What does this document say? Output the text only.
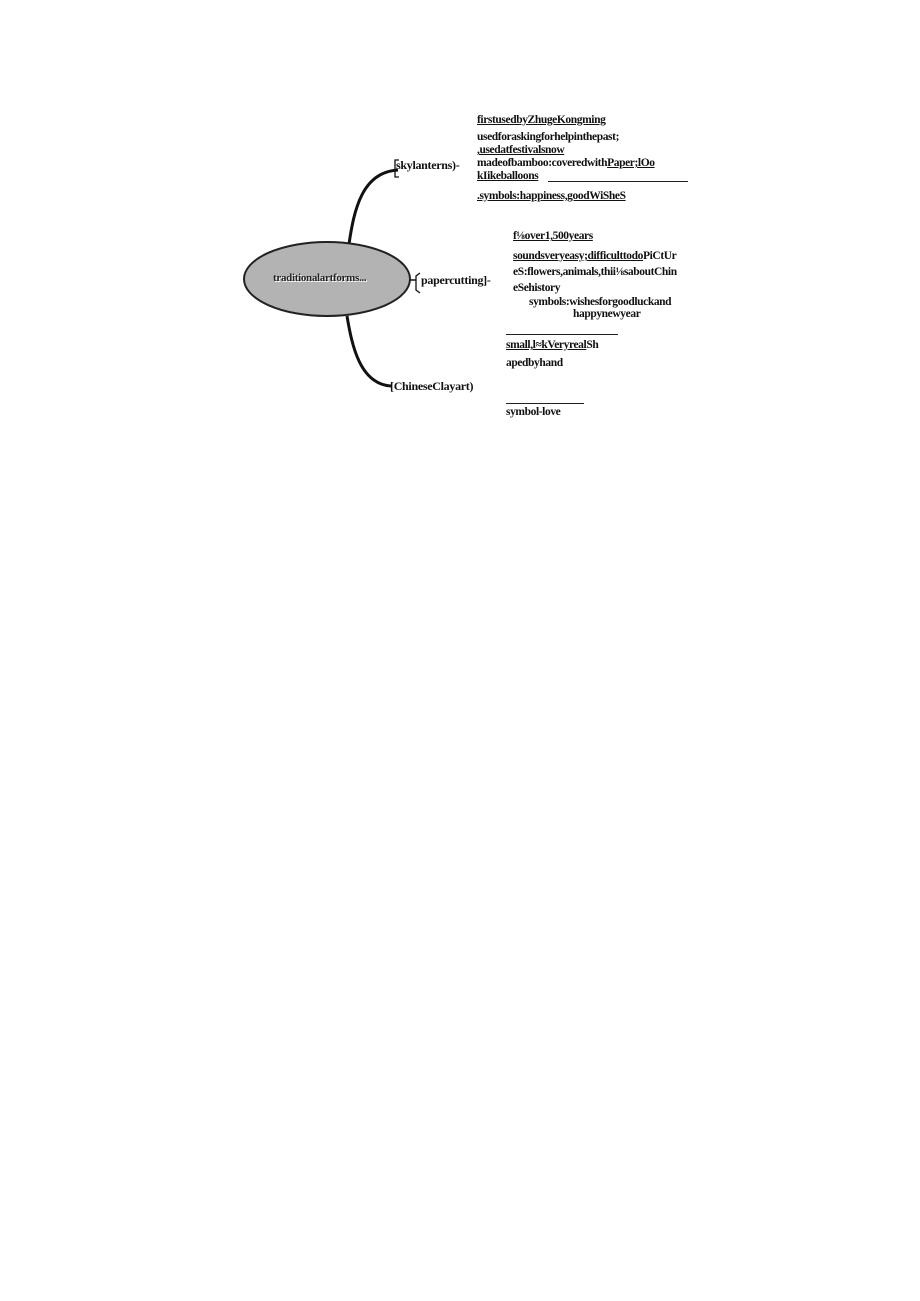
traditionalartforms...
skylanterns)-
papercutting]-
[ChineseClayart)
firstusedbyZhugeKongming
usedforaskingforhelpinthepast;
,usedatfestivalsnow
madeofbamboo:coveredwithPaper;lOo
kIikeballoons
.symbols:happiness,goodWiSheS
f⅛over1,500years
soundsveryeasy;difficulttodoPiCtUr
eS:flowers,animals,thii⅛saboutChin
eSehistory
symbols:wishesforgoodluckand
happynewyear
small,l≈kVeryrealSh
apedbyhand
symbol-love
